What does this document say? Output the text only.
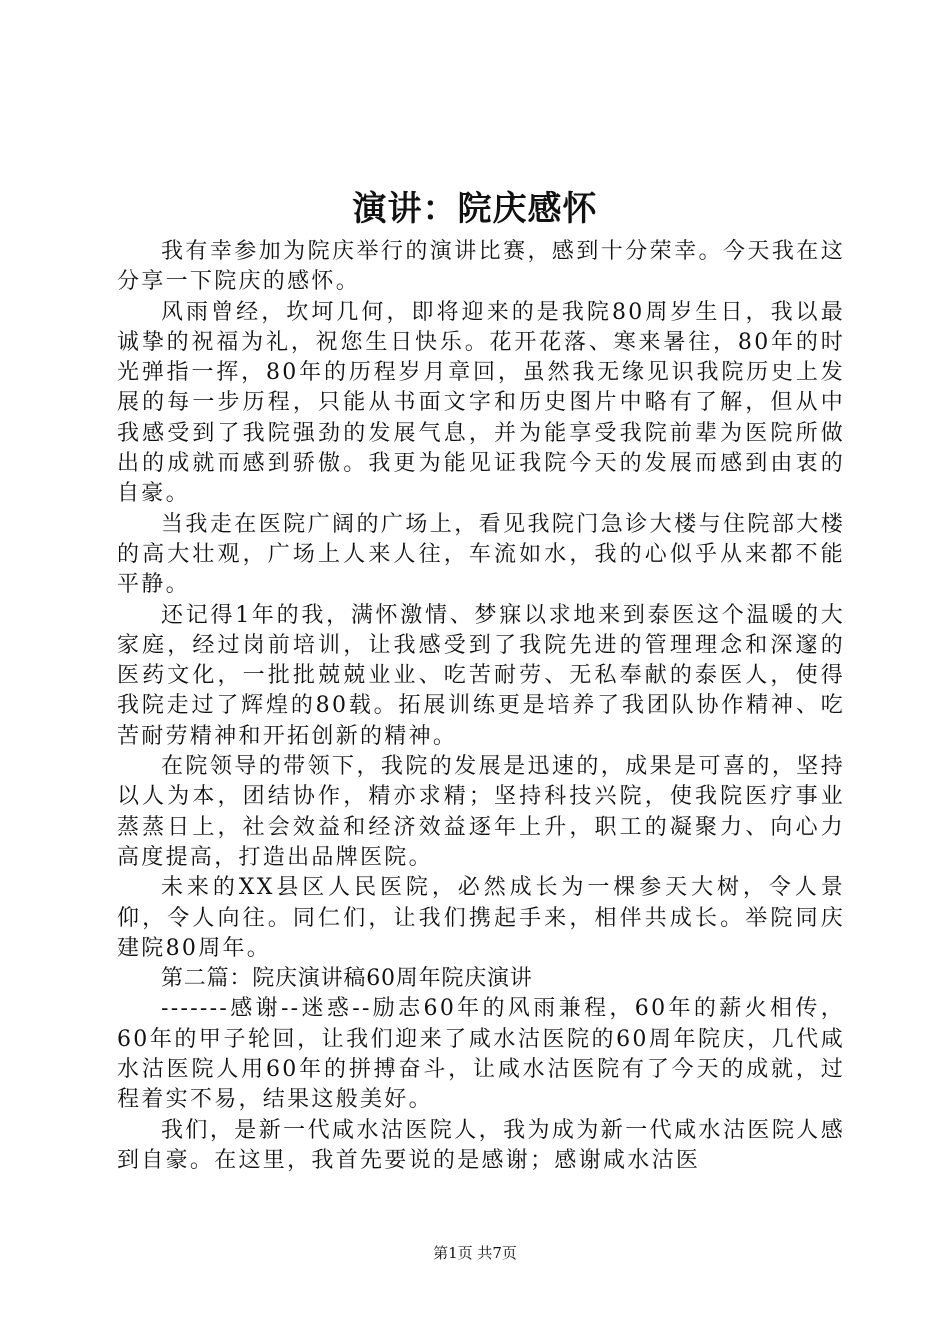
演讲：院庆感怀

我有幸参加为院庆举行的演讲比赛，感到十分荣幸。今天我在这分享一下院庆的感怀。

风雨曾经，坎坷几何，即将迎来的是我院80周岁生日，我以最诚挚的祝福为礼，祝您生日快乐。花开花落、寒来暑往，80年的时光弹指一挥，80年的历程岁月章回，虽然我无缘见识我院历史上发展的每一步历程，只能从书面文字和历史图片中略有了解，但从中我感受到了我院强劲的发展气息，并为能享受我院前辈为医院所做出的成就而感到骄傲。我更为能见证我院今天的发展而感到由衷的自豪。

当我走在医院广阔的广场上，看见我院门急诊大楼与住院部大楼的高大壮观，广场上人来人往，车流如水，我的心似乎从来都不能平静。

还记得1年的我，满怀激情、梦寐以求地来到泰医这个温暖的大家庭，经过岗前培训，让我感受到了我院先进的管理理念和深邃的医药文化，一批批兢兢业业、吃苦耐劳、无私奉献的泰医人，使得我院走过了辉煌的80载。拓展训练更是培养了我团队协作精神、吃苦耐劳精神和开拓创新的精神。

在院领导的带领下，我院的发展是迅速的，成果是可喜的，坚持以人为本，团结协作，精亦求精；坚持科技兴院，使我院医疗事业蒸蒸日上，社会效益和经济效益逐年上升，职工的凝聚力、向心力高度提高，打造出品牌医院。

未来的XX县区人民医院，必然成长为一棵参天大树，令人景仰，令人向往。同仁们，让我们携起手来，相伴共成长。举院同庆建院80周年。

第二篇：院庆演讲稿60周年院庆演讲

-------感谢--迷惑--励志60年的风雨兼程，60年的薪火相传，60年的甲子轮回，让我们迎来了咸水沽医院的60周年院庆，几代咸水沽医院人用60年的拼搏奋斗，让咸水沽医院有了今天的成就，过程着实不易，结果这般美好。

我们，是新一代咸水沽医院人，我为成为新一代咸水沽医院人感到自豪。在这里，我首先要说的是感谢；感谢咸水沽医

第1页 共7页
